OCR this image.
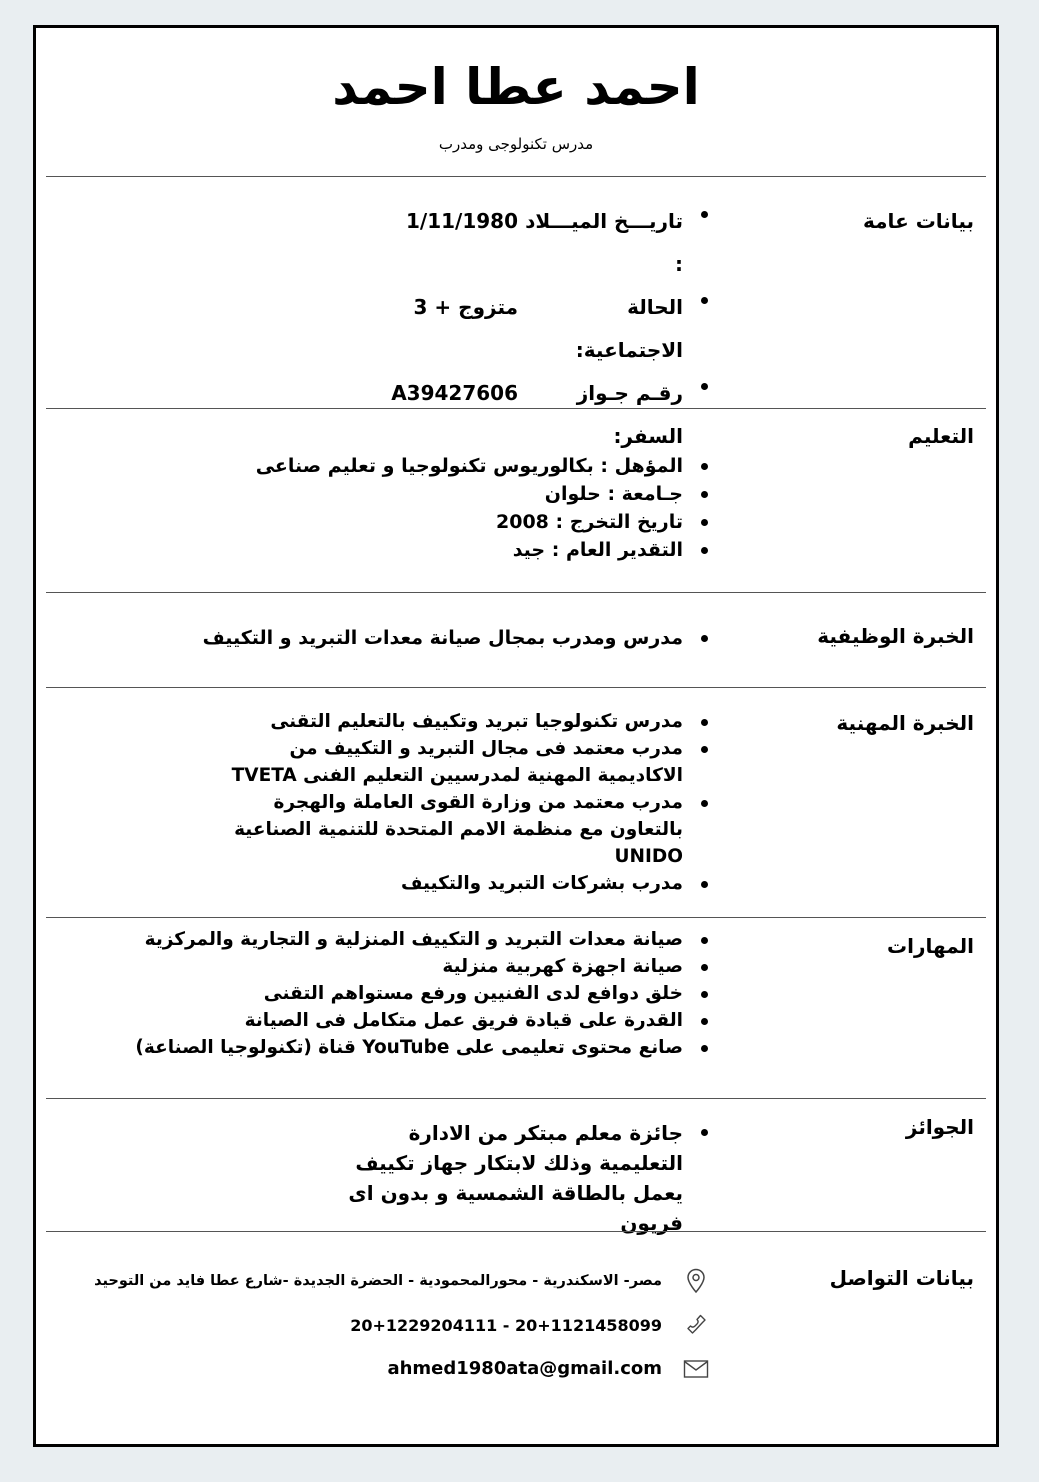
احمد عطا احمد
مدرس تكنولوجى ومدرب
بيانات عامة
تاريـــخ الميـــلاد :
1/11/1980
الحالة الاجتماعية:
متزوج + 3
رقـم جـواز السفر:
A39427606
التعليم
المؤهل : بكالوريوس تكنولوجيا و تعليم صناعى
جـامعة : حلوان
تاريخ التخرج : 2008
التقدير العام : جيد
الخبرة الوظيفية
مدرس ومدرب بمجال صيانة معدات التبريد و التكييف
الخبرة المهنية
مدرس تكنولوجيا تبريد وتكييف بالتعليم التقنى
مدرب معتمد فى مجال التبريد و التكييف من الاكاديمية المهنية لمدرسيين التعليم الفنى TVETA
مدرب معتمد من وزارة القوى العاملة والهجرة بالتعاون مع منظمة الامم المتحدة للتنمية الصناعية UNIDO
مدرب بشركات التبريد والتكييف
المهارات
صيانة معدات التبريد و التكييف المنزلية و التجارية والمركزية
صيانة اجهزة كهربية منزلية
خلق دوافع لدى الفنيين ورفع مستواهم التقنى
القدرة على قيادة فريق عمل متكامل فى الصيانة
صانع محتوى تعليمى على YouTube قناة (تكنولوجيا الصناعة)
الجوائز
جائزة معلم مبتكر من الادارة التعليمية وذلك لابتكار جهاز تكييف يعمل بالطاقة الشمسية و بدون اى فريون
بيانات التواصل
مصر- الاسكندرية - محورالمحمودية - الحضرة الجديدة -شارع عطا فايد من التوحيد
20+1121458099 - 20+1229204111
ahmed1980ata@gmail.com
